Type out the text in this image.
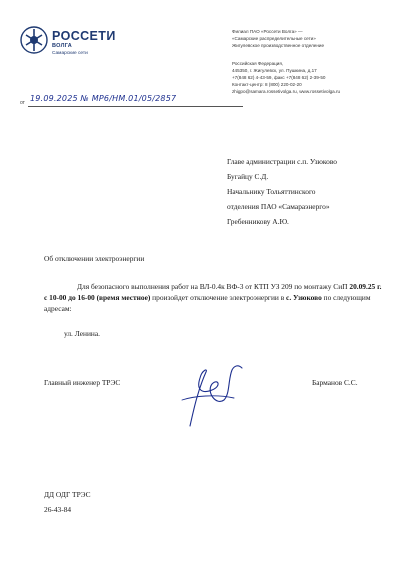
РОССЕТИ
ВОЛГА
Самарские сети
Филиал ПАО «Россети Волга» —
«Самарские распределительные сети»
Жигулевское производственное отделение
Российская Федерация,
445350, г. Жигулевск, ул. Пушкина, д.17
+7(848 62) 4-43-59, факс +7(848 62) 2-39-50
Контакт-центр: 8 (800) 220-02-20
zhigpo@samara.rossetivolga.ru, www.rossetivolga.ru
от 19.09.2025 № МР6/НМ.01/05/2857
Главе администрации с.п. Узюково
Бугайцу С.Д.
Начальнику Тольяттинского
отделения ПАО «Самараэнерго»
Гребенникову А.Ю.
Об отключении электроэнергии

Для безопасного выполнения работ на ВЛ-0.4к ВФ-3 от КТП УЗ 209 по монтажу СиП 20.09.25 г. с 10-00 до 16-00 (время местное) произойдет отключение электроэнергии в с. Узюково по следующим адресам:

ул. Ленина.
Главный инженер ТРЭС	Барманов С.С.
ДД ОДГ ТРЭС
26-43-84
